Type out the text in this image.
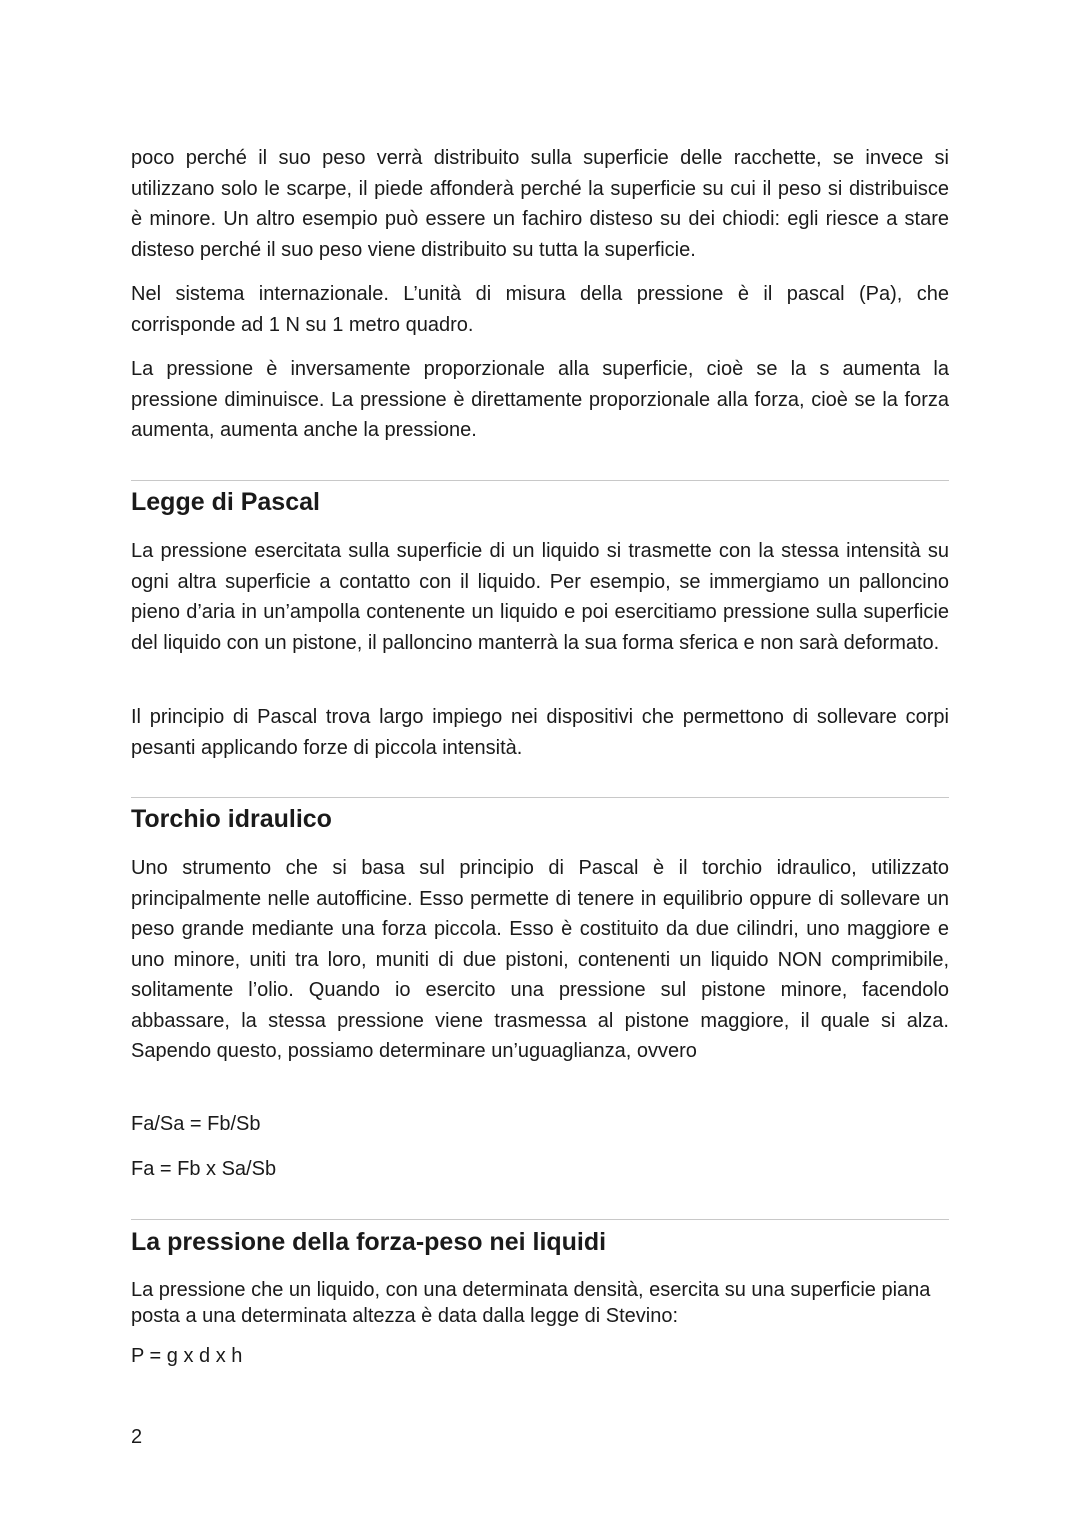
poco perché il suo peso verrà distribuito sulla superficie delle racchette, se invece si utilizzano solo le scarpe, il piede affonderà perché la superficie su cui il peso si distribuisce è minore. Un altro esempio può essere un fachiro disteso su dei chiodi: egli riesce a stare disteso perché il suo peso viene distribuito su tutta la superficie.

Nel sistema internazionale. L’unità di misura della pressione è il pascal (Pa), che corrisponde ad 1 N su 1 metro quadro.

La pressione è inversamente proporzionale alla superficie, cioè se la s aumenta la pressione diminuisce. La pressione è direttamente proporzionale alla forza, cioè se la forza aumenta, aumenta anche la pressione.

Legge di Pascal

La pressione esercitata sulla superficie di un liquido si trasmette con la stessa intensità su ogni altra superficie a contatto con il liquido. Per esempio, se immergiamo un palloncino pieno d’aria in un’ampolla contenente un liquido e poi esercitiamo pressione sulla superficie del liquido con un pistone, il palloncino manterrà la sua forma sferica e non sarà deformato.

Il principio di Pascal trova largo impiego nei dispositivi che permettono di sollevare corpi pesanti applicando forze di piccola intensità.

Torchio idraulico

Uno strumento che si basa sul principio di Pascal è il torchio idraulico, utilizzato principalmente nelle autofficine. Esso permette di tenere in equilibrio oppure di sollevare un peso grande mediante una forza piccola. Esso è costituito da due cilindri, uno maggiore e uno minore, uniti tra loro, muniti di due pistoni, contenenti un liquido NON comprimibile, solitamente l’olio. Quando io esercito una pressione sul pistone minore, facendolo abbassare, la stessa pressione viene trasmessa al pistone maggiore, il quale si alza. Sapendo questo, possiamo determinare un’uguaglianza, ovvero

Fa/Sa = Fb/Sb

Fa = Fb x Sa/Sb

La pressione della forza-peso nei liquidi

La pressione che un liquido, con una determinata densità, esercita su una superficie piana posta a una determinata altezza è data dalla legge di Stevino:

P = g x d x h

2
